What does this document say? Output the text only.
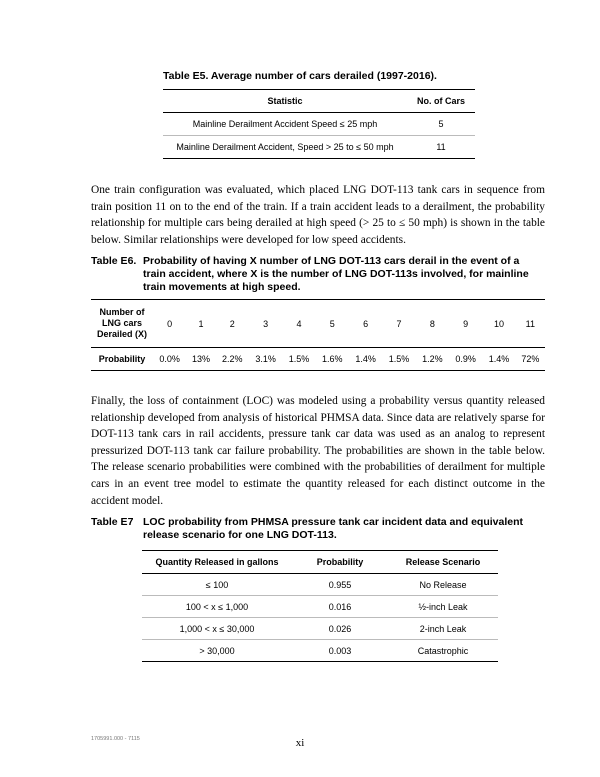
Table E5. Average number of cars derailed (1997-2016).
Statistic	No. of Cars
Mainline Derailment Accident Speed ≤ 25 mph	5
Mainline Derailment Accident, Speed > 25 to ≤ 50 mph	11

One train configuration was evaluated, which placed LNG DOT-113 tank cars in sequence from train position 11 on to the end of the train. If a train accident leads to a derailment, the probability relationship for multiple cars being derailed at high speed (> 25 to ≤ 50 mph) is shown in the table below. Similar relationships were developed for low speed accidents.

Table E6. Probability of having X number of LNG DOT-113 cars derail in the event of a train accident, where X is the number of LNG DOT-113s involved, for mainline train movements at high speed.
Number of LNG cars Derailed (X)	0	1	2	3	4	5	6	7	8	9	10	11
Probability	0.0%	13%	2.2%	3.1%	1.5%	1.6%	1.4%	1.5%	1.2%	0.9%	1.4%	72%

Finally, the loss of containment (LOC) was modeled using a probability versus quantity released relationship developed from analysis of historical PHMSA data. Since data are relatively sparse for DOT-113 tank cars in rail accidents, pressure tank car data was used as an analog to represent pressurized DOT-113 tank car failure probability. The probabilities are shown in the table below. The release scenario probabilities were combined with the probabilities of derailment for multiple cars in an event tree model to estimate the quantity released for each distinct outcome in the accident model.

Table E7 LOC probability from PHMSA pressure tank car incident data and equivalent release scenario for one LNG DOT-113.
Quantity Released in gallons	Probability	Release Scenario
≤ 100	0.955	No Release
100 < x ≤ 1,000	0.016	½-inch Leak
1,000 < x ≤ 30,000	0.026	2-inch Leak
> 30,000	0.003	Catastrophic
1705991.000 - 7115	xi
